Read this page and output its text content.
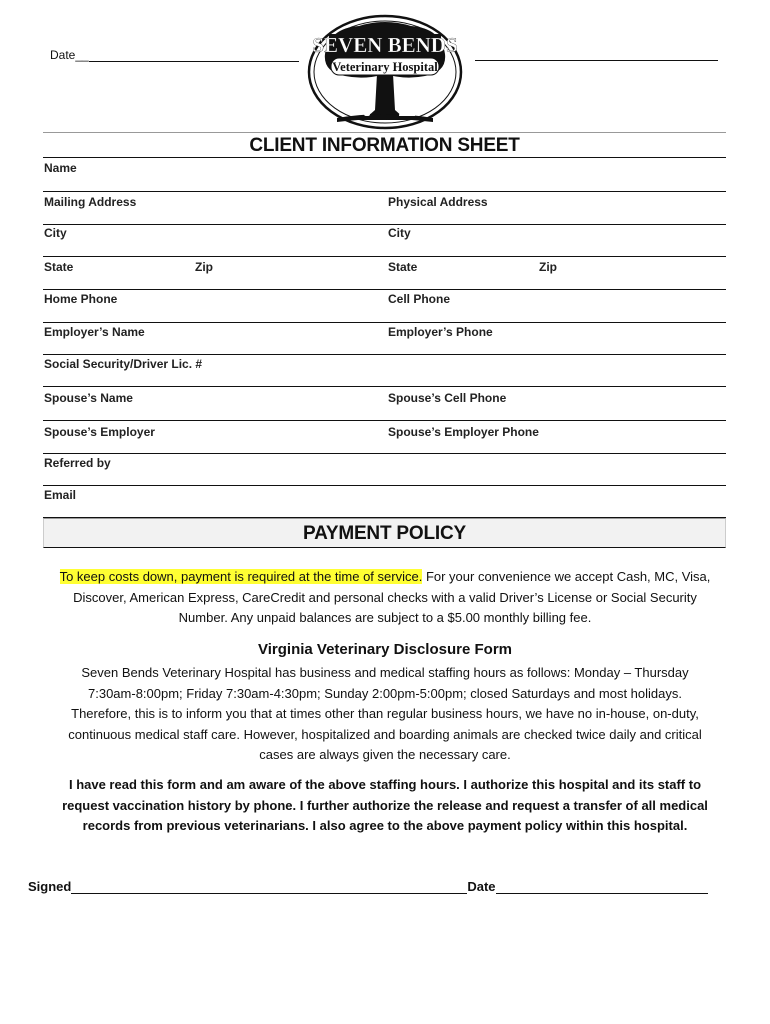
Date__	SEVEN BENDS
Veterinary Hospital
CLIENT INFORMATION SHEET
Name
Mailing Address	Physical Address
City	City
State	Zip	State	Zip
Home Phone	Cell Phone
Employer’s Name	Employer’s Phone
Social Security/Driver Lic. #
Spouse’s Name	Spouse’s Cell Phone
Spouse’s Employer	Spouse’s Employer Phone
Referred by
Email
PAYMENT POLICY
To keep costs down, payment is required at the time of service. For your convenience we accept Cash, MC, Visa,
Discover, American Express, CareCredit and personal checks with a valid Driver’s License or Social Security
Number. Any unpaid balances are subject to a $5.00 monthly billing fee.
Virginia Veterinary Disclosure Form
Seven Bends Veterinary Hospital has business and medical staffing hours as follows: Monday – Thursday
7:30am-8:00pm; Friday 7:30am-4:30pm; Sunday 2:00pm-5:00pm; closed Saturdays and most holidays.
Therefore, this is to inform you that at times other than regular business hours, we have no in-house, on-duty,
continuous medical staff care. However, hospitalized and boarding animals are checked twice daily and critical
cases are always given the necessary care.
I have read this form and am aware of the above staffing hours. I authorize this hospital and its staff to
request vaccination history by phone. I further authorize the release and request a transfer of all medical
records from previous veterinarians. I also agree to the above payment policy within this hospital.
Signed	Date
